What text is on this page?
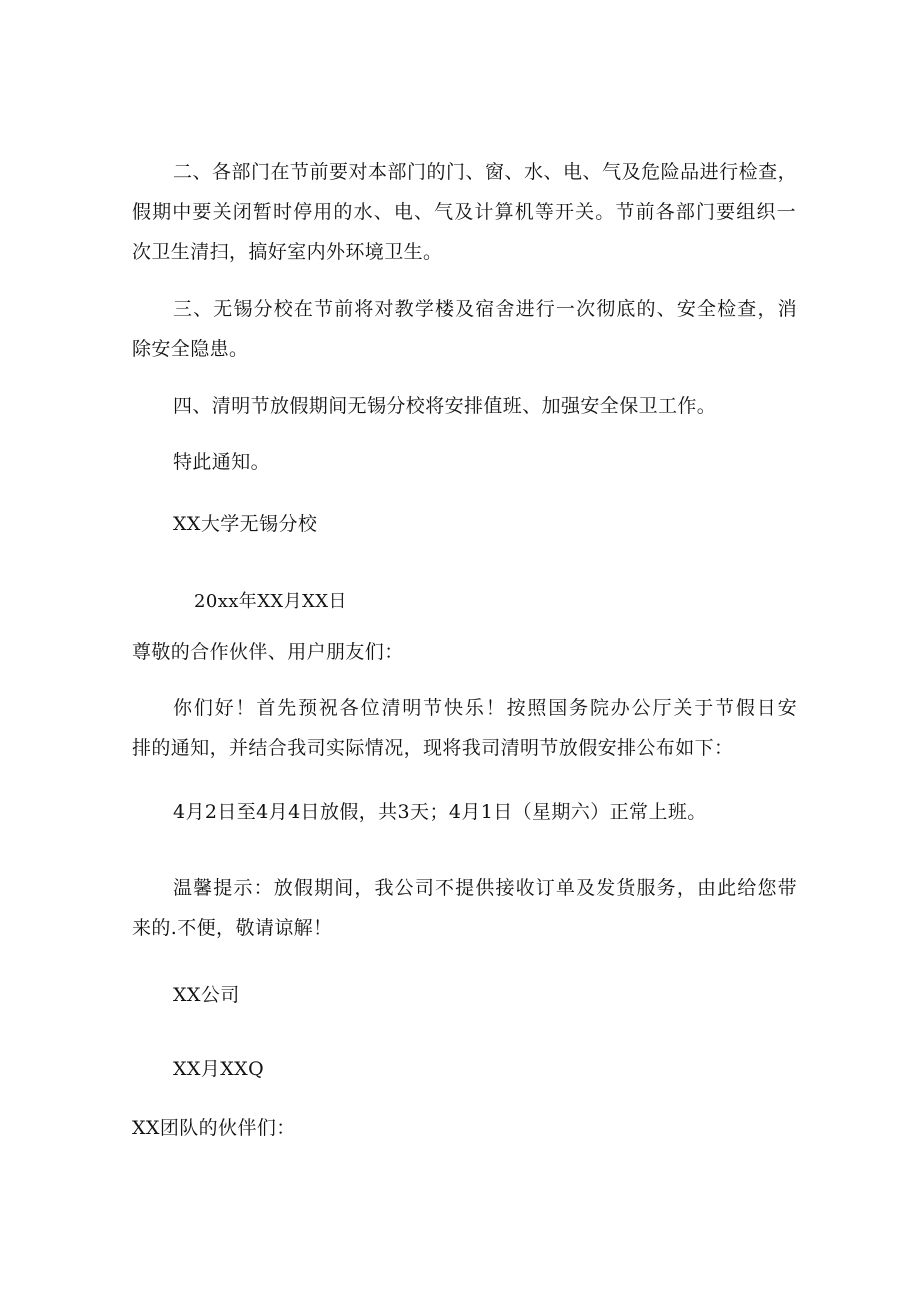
二、各部门在节前要对本部门的门、窗、水、电、气及危险品进行检查，
假期中要关闭暂时停用的水、电、气及计算机等开关。节前各部门要组织一
次卫生清扫，搞好室内外环境卫生。
三、无锡分校在节前将对教学楼及宿舍进行一次彻底的、安全检查，消
除安全隐患。
四、清明节放假期间无锡分校将安排值班、加强安全保卫工作。
特此通知。
XX大学无锡分校
20xx年XX月XX日
尊敬的合作伙伴、用户朋友们：
你们好！首先预祝各位清明节快乐！按照国务院办公厅关于节假日安
排的通知，并结合我司实际情况，现将我司清明节放假安排公布如下：
4月2日至4月4日放假，共3天；4月1日（星期六）正常上班。
温馨提示：放假期间，我公司不提供接收订单及发货服务，由此给您带
来的.不便，敬请谅解！
XX公司
XX月XXQ
XX团队的伙伴们：
